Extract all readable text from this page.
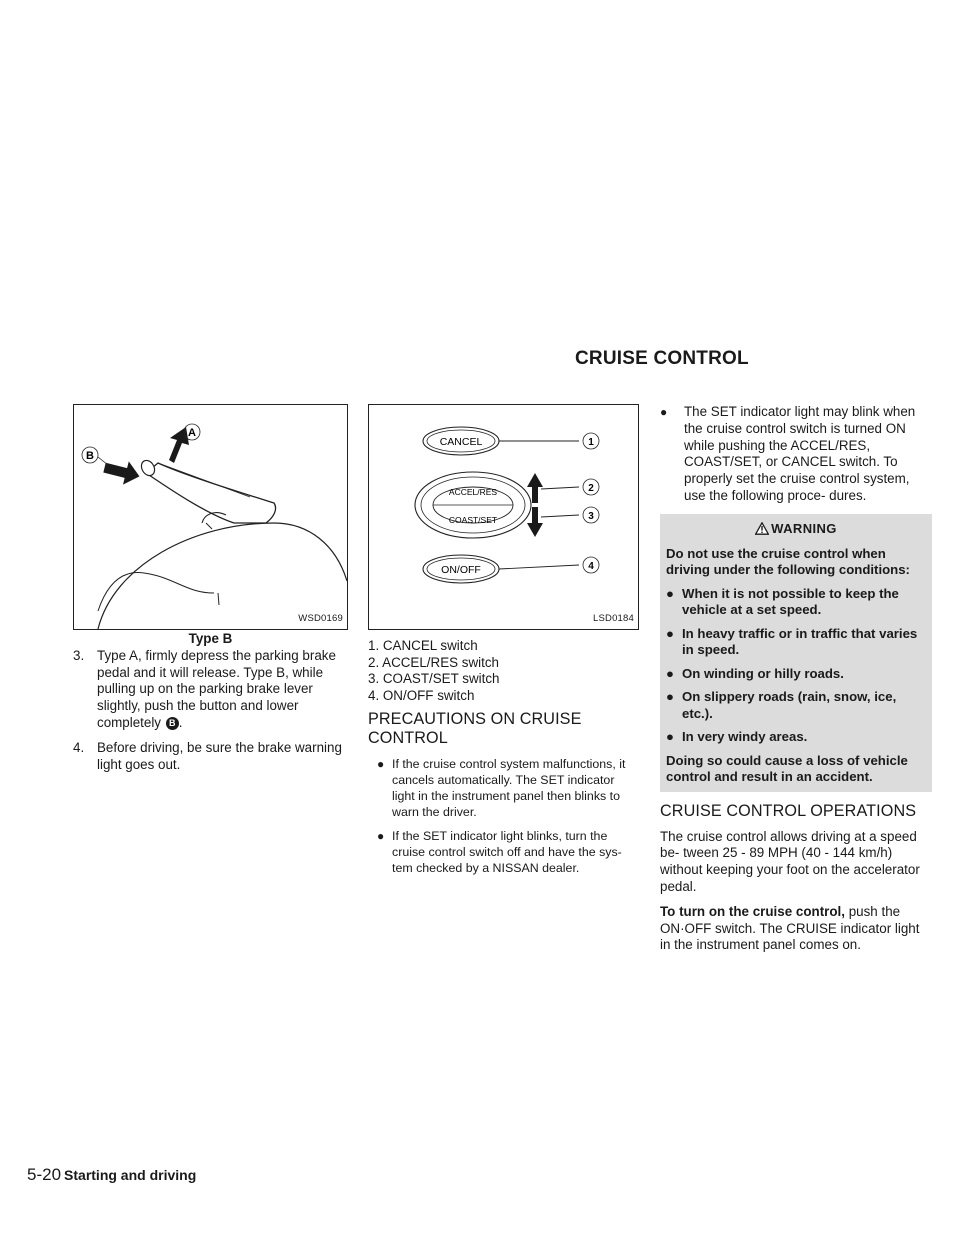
CRUISE CONTROL
B
A
WSD0169
Type B
3. Type A, firmly depress the parking brake pedal and it will release. Type B, while pulling up on the parking brake lever slightly, push the button and lower completely B .
4. Before driving, be sure the brake warning light goes out.
CANCEL	1
ACCEL/RES
COAST/SET
2
3
ON/OFF	4
LSD0184
1. CANCEL switch
2. ACCEL/RES switch
3. COAST/SET switch
4. ON/OFF switch
PRECAUTIONS ON CRUISE CONTROL
● If the cruise control system malfunctions, it cancels automatically. The SET indicator light in the instrument panel then blinks to warn the driver.
● If the SET indicator light blinks, turn the cruise control switch off and have the sys- tem checked by a NISSAN dealer.
● The SET indicator light may blink when the cruise control switch is turned ON while pushing the ACCEL/RES, COAST/SET, or CANCEL switch. To properly set the cruise control system, use the following proce- dures.
WARNING

Do not use the cruise control when driving under the following conditions:

● When it is not possible to keep the vehicle at a set speed.
● In heavy traffic or in traffic that varies in speed.
● On winding or hilly roads.
● On slippery roads (rain, snow, ice, etc.).
● In very windy areas.

Doing so could cause a loss of vehicle control and result in an accident.

CRUISE CONTROL OPERATIONS

The cruise control allows driving at a speed be- tween 25 - 89 MPH (40 - 144 km/h) without keeping your foot on the accelerator pedal.

To turn on the cruise control, push the ON·OFF switch. The CRUISE indicator light in the instrument panel comes on.

5-20 Starting and driving
